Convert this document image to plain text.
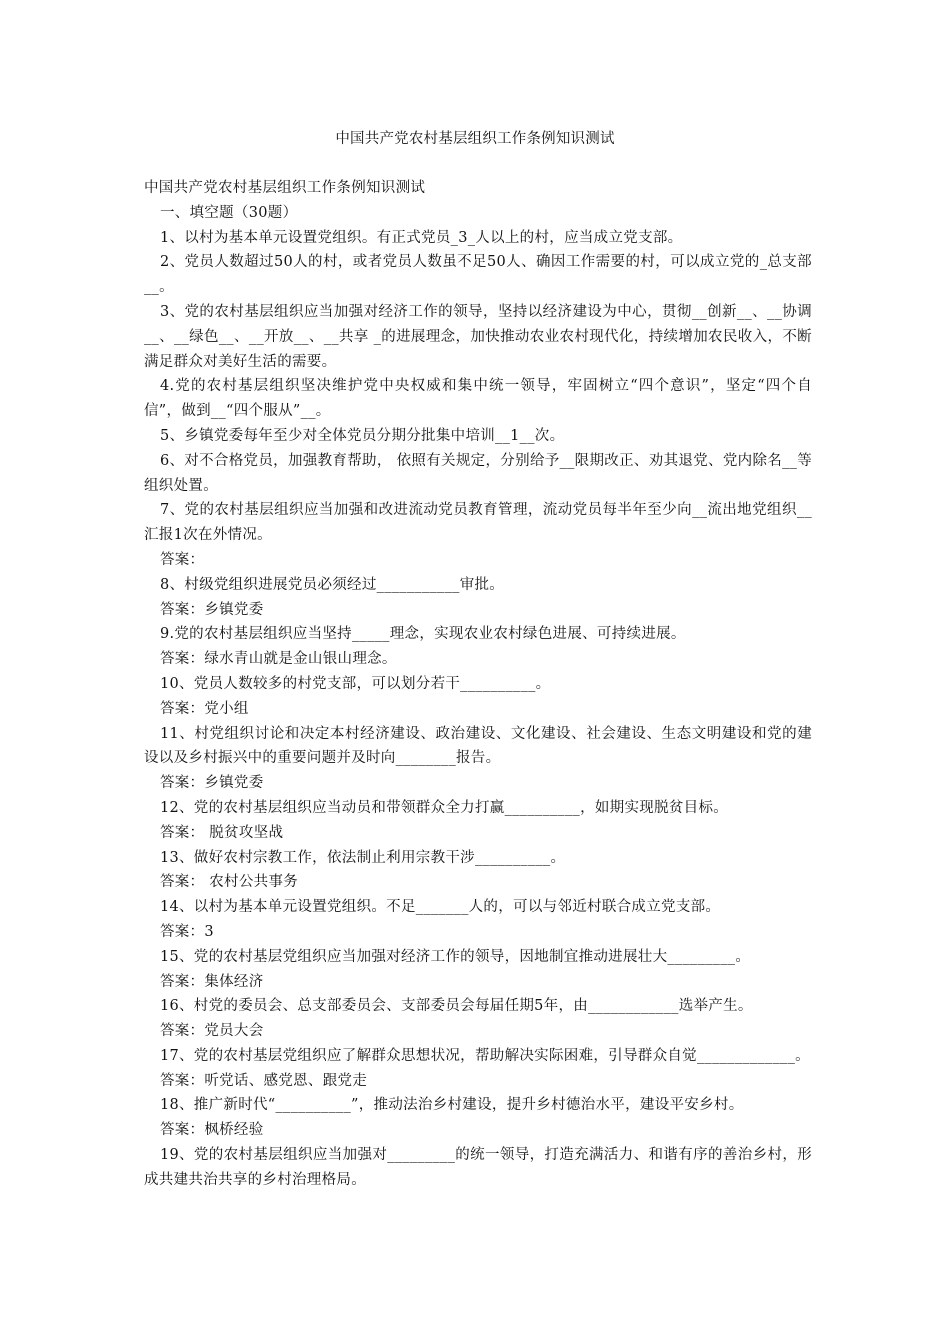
中国共产党农村基层组织工作条例知识测试

中国共产党农村基层组织工作条例知识测试

一、填空题（30题）

1、以村为基本单元设置党组织。有正式党员_3_人以上的村，应当成立党支部。

2、党员人数超过50人的村，或者党员人数虽不足50人、确因工作需要的村，可以成立党的_总支部__。

3、党的农村基层组织应当加强对经济工作的领导，坚持以经济建设为中心，贯彻__创新__、__协调__、__绿色__、__开放__、__共享 _的进展理念，加快推动农业农村现代化，持续增加农民收入，不断满足群众对美好生活的需要。

4.党的农村基层组织坚决维护党中央权威和集中统一领导，牢固树立“四个意识”，坚定“四个自信”，做到__“四个服从”__。

5、乡镇党委每年至少对全体党员分期分批集中培训__1__次。

6、对不合格党员，加强教育帮助， 依照有关规定，分别给予__限期改正、劝其退党、党内除名__等组织处置。

7、党的农村基层组织应当加强和改进流动党员教育管理，流动党员每半年至少向__流出地党组织__汇报1次在外情况。

答案：

8、村级党组织进展党员必须经过___________审批。

答案：乡镇党委

9.党的农村基层组织应当坚持_____理念，实现农业农村绿色进展、可持续进展。

答案：绿水青山就是金山银山理念。

10、党员人数较多的村党支部，可以划分若干__________。

答案：党小组

11、村党组织讨论和决定本村经济建设、政治建设、文化建设、社会建设、生态文明建设和党的建设以及乡村振兴中的重要问题并及时向________报告。

答案：乡镇党委

12、党的农村基层组织应当动员和带领群众全力打赢__________，如期实现脱贫目标。

答案： 脱贫攻坚战

13、做好农村宗教工作，依法制止利用宗教干涉__________。

答案： 农村公共事务

14、以村为基本单元设置党组织。不足_______人的，可以与邻近村联合成立党支部。

答案：3

15、党的农村基层党组织应当加强对经济工作的领导，因地制宜推动进展壮大_________。

答案：集体经济

16、村党的委员会、总支部委员会、支部委员会每届任期5年，由____________选举产生。

答案：党员大会

17、党的农村基层党组织应了解群众思想状况，帮助解决实际困难，引导群众自觉_____________。

答案：听党话、感党恩、跟党走

18、推广新时代“__________”，推动法治乡村建设，提升乡村德治水平，建设平安乡村。

答案：枫桥经验

19、党的农村基层组织应当加强对_________的统一领导，打造充满活力、和谐有序的善治乡村，形成共建共治共享的乡村治理格局。
